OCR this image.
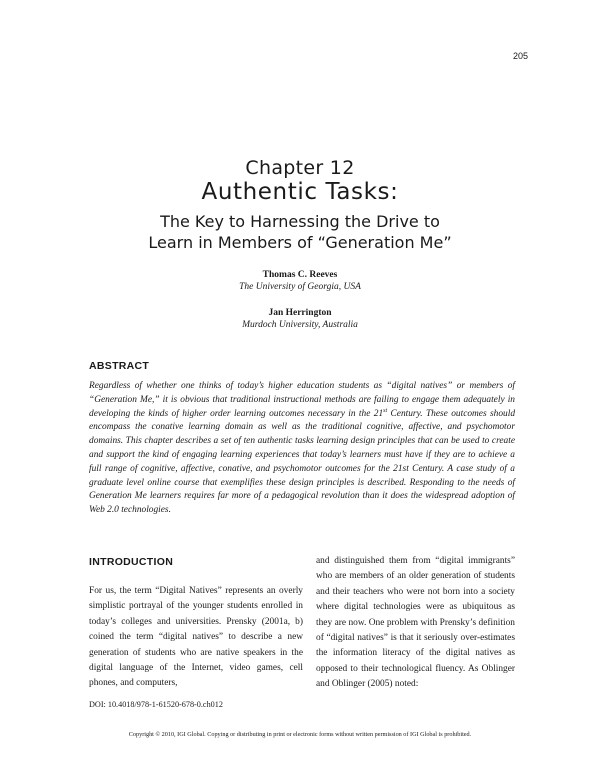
205
Chapter 12
Authentic Tasks:
The Key to Harnessing the Drive to
Learn in Members of “Generation Me”
Thomas C. Reeves
The University of Georgia, USA
Jan Herrington
Murdoch University, Australia
ABSTRACT
Regardless of whether one thinks of today’s higher education students as “digital natives” or members of “Generation Me,” it is obvious that traditional instructional methods are failing to engage them adequately in developing the kinds of higher order learning outcomes necessary in the 21st Century. These outcomes should encompass the conative learning domain as well as the traditional cognitive, affective, and psychomotor domains. This chapter describes a set of ten authentic tasks learning design principles that can be used to create and support the kind of engaging learning experiences that today’s learners must have if they are to achieve a full range of cognitive, affective, conative, and psychomotor outcomes for the 21st Century. A case study of a graduate level online course that exemplifies these design principles is described. Responding to the needs of Generation Me learners requires far more of a pedagogical revolution than it does the widespread adoption of Web 2.0 technologies.
INTRODUCTION
For us, the term “Digital Natives” represents an overly simplistic portrayal of the younger students enrolled in today’s colleges and universities. Prensky (2001a, b) coined the term “digital natives” to describe a new generation of students who are native speakers in the digital language of the Internet, video games, cell phones, and computers,
and distinguished them from “digital immigrants” who are members of an older generation of students and their teachers who were not born into a society where digital technologies were as ubiquitous as they are now. One problem with Prensky’s definition of “digital natives” is that it seriously over-estimates the information literacy of the digital natives as opposed to their technological fluency. As Oblinger and Oblinger (2005) noted:
DOI: 10.4018/978-1-61520-678-0.ch012
Copyright © 2010, IGI Global. Copying or distributing in print or electronic forms without written permission of IGI Global is prohibited.
